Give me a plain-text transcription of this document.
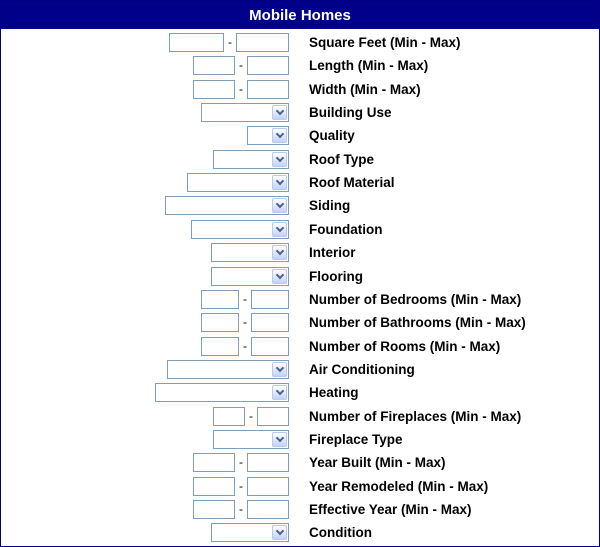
Mobile Homes
-	Square Feet (Min - Max)
-	Length (Min - Max)
-	Width (Min - Max)
Building Use
Quality
Roof Type
Roof Material
Siding
Foundation
Interior
Flooring
-	Number of Bedrooms (Min - Max)
-	Number of Bathrooms (Min - Max)
-	Number of Rooms (Min - Max)
Air Conditioning
Heating
-	Number of Fireplaces (Min - Max)
Fireplace Type
-	Year Built (Min - Max)
-	Year Remodeled (Min - Max)
-	Effective Year (Min - Max)
Condition
